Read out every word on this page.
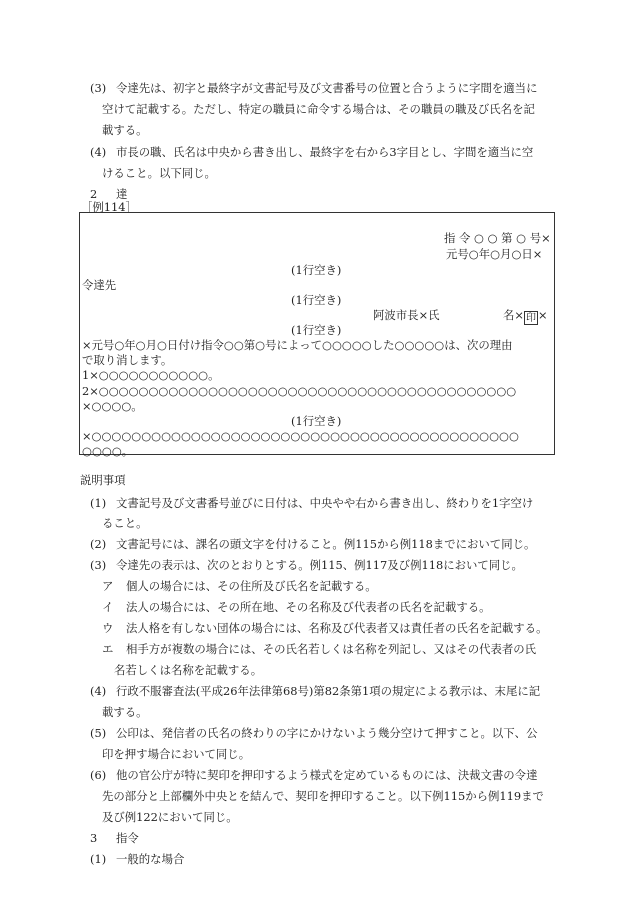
(3) 令達先は、初字と最終字が文書記号及び文書番号の位置と合うように字間を適当に
空けて記載する。ただし、特定の職員に命令する場合は、その職員の職及び氏名を記
載する。
(4) 市長の職、氏名は中央から書き出し、最終字を右から3字目とし、字間を適当に空
けること。以下同じ。
2 達
［例114］
指 令 ○ ○ 第 ○ 号×
元号○年○月○日×
(1行空き)
令達先
(1行空き)
阿波市長×氏	名× 印 ×
(1行空き)
×元号○年○月○日付け指令○○第○号によって○○○○○した○○○○○は、次の理由
で取り消します。
1×○○○○○○○○○○○。
2×○○○○○○○○○○○○○○○○○○○○○○○○○○○○○○○○○○○○○○○○○○
×○○○○。
(1行空き)
×○○○○○○○○○○○○○○○○○○○○○○○○○○○○○○○○○○○○○○○○○○○
○○○○。
説明事項
(1) 文書記号及び文書番号並びに日付は、中央やや右から書き出し、終わりを1字空け
ること。
(2) 文書記号には、課名の頭文字を付けること。例115から例118までにおいて同じ。
(3) 令達先の表示は、次のとおりとする。例115、例117及び例118において同じ。
ア 個人の場合には、その住所及び氏名を記載する。
イ 法人の場合には、その所在地、その名称及び代表者の氏名を記載する。
ウ 法人格を有しない団体の場合には、名称及び代表者又は責任者の氏名を記載する。
エ 相手方が複数の場合には、その氏名若しくは名称を列記し、又はその代表者の氏
名若しくは名称を記載する。
(4) 行政不服審査法(平成26年法律第68号)第82条第1項の規定による教示は、末尾に記
載する。
(5) 公印は、発信者の氏名の終わりの字にかけないよう幾分空けて押すこと。以下、公
印を押す場合において同じ。
(6) 他の官公庁が特に契印を押印するよう様式を定めているものには、決裁文書の令達
先の部分と上部欄外中央とを結んで、契印を押印すること。以下例115から例119まで
及び例122において同じ。
3 指令
(1) 一般的な場合
